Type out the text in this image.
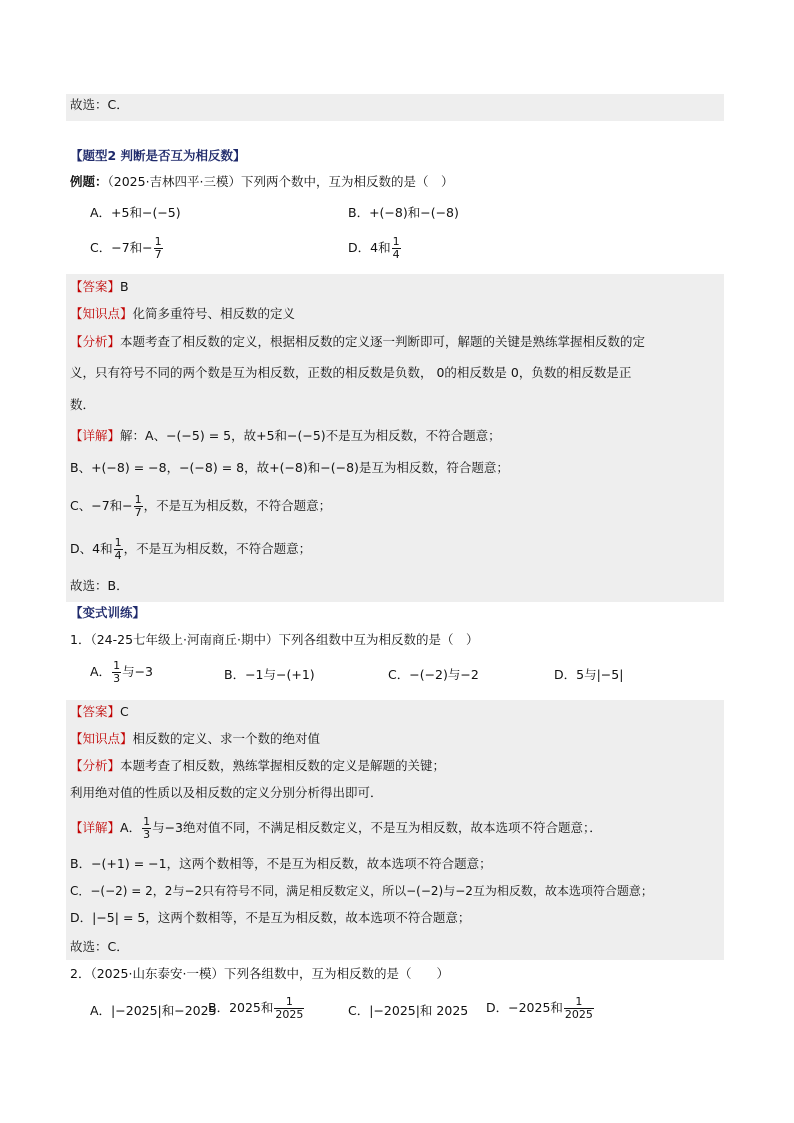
故选：C．
【题型2 判断是否互为相反数】
例题：（2025·吉林四平·三模）下列两个数中，互为相反数的是（　）
A．+5和−(−5)	B．+(−8)和−(−8)
C．−7和− $\frac{1}{7}$	D．4和 $\frac{1}{4}$
【答案】B
【知识点】化简多重符号、相反数的定义
【分析】本题考查了相反数的定义，根据相反数的定义逐一判断即可，解题的关键是熟练掌握相反数的定
义，只有符号不同的两个数是互为相反数，正数的相反数是负数， 0的相反数是 0，负数的相反数是正
数．
【详解】解：A、−(−5) = 5，故+5和−(−5)不是互为相反数，不符合题意；
B、+(−8) = −8，−(−8) = 8，故+(−8)和−(−8)是互为相反数，符合题意；
C、−7和− $\frac{1}{7}$ ，不是互为相反数，不符合题意；
D、4和 $\frac{1}{4}$ ，不是互为相反数，不符合题意；
故选：B．
【变式训练】
1．（24-25七年级上·河南商丘·期中）下列各组数中互为相反数的是（　）
A． $\frac{1}{3}$ 与−3	B．−1与−(+1)	C．−(−2)与−2	D．5与|−5|
【答案】C
【知识点】相反数的定义、求一个数的绝对值
【分析】本题考查了相反数，熟练掌握相反数的定义是解题的关键；
利用绝对值的性质以及相反数的定义分别分析得出即可．
【详解】A． $\frac{1}{3}$ 与−3绝对值不同，不满足相反数定义，不是互为相反数，故本选项不符合题意；．
B．−(+1) = −1，这两个数相等，不是互为相反数，故本选项不符合题意；
C．−(−2) = 2，2与−2只有符号不同，满足相反数定义，所以−(−2)与−2互为相反数，故本选项符合题意；
D．|−5| = 5，这两个数相等，不是互为相反数，故本选项不符合题意；
故选：C．
2．（2025·山东泰安·一模）下列各组数中，互为相反数的是（　　）
A．|−2025|和−2025
B．2025和 $\frac{1}{2025}$	C．|−2025|和 2025 D．−2025和 $\frac{1}{2025}$
